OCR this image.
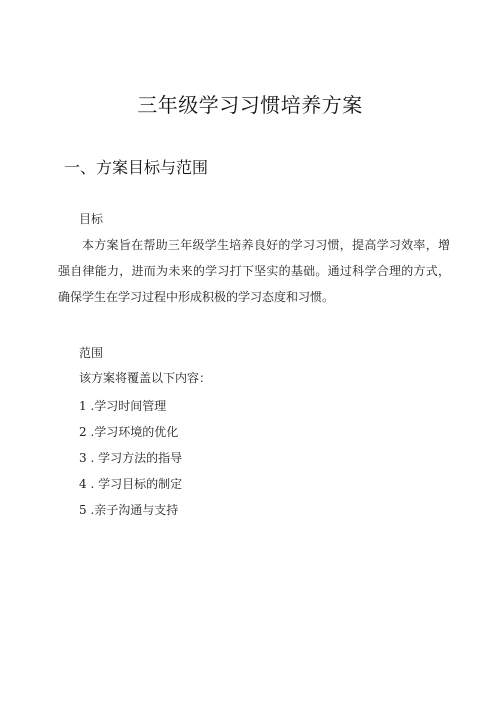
三年级学习习惯培养方案
一、方案目标与范围
目标
本方案旨在帮助三年级学生培养良好的学习习惯，提高学习效率，增强自律能力，进而为未来的学习打下坚实的基础。通过科学合理的方式，确保学生在学习过程中形成积极的学习态度和习惯。
范围
该方案将覆盖以下内容：
1 .学习时间管理
2 .学习环境的优化
3 . 学习方法的指导
4 . 学习目标的制定
5 .亲子沟通与支持
